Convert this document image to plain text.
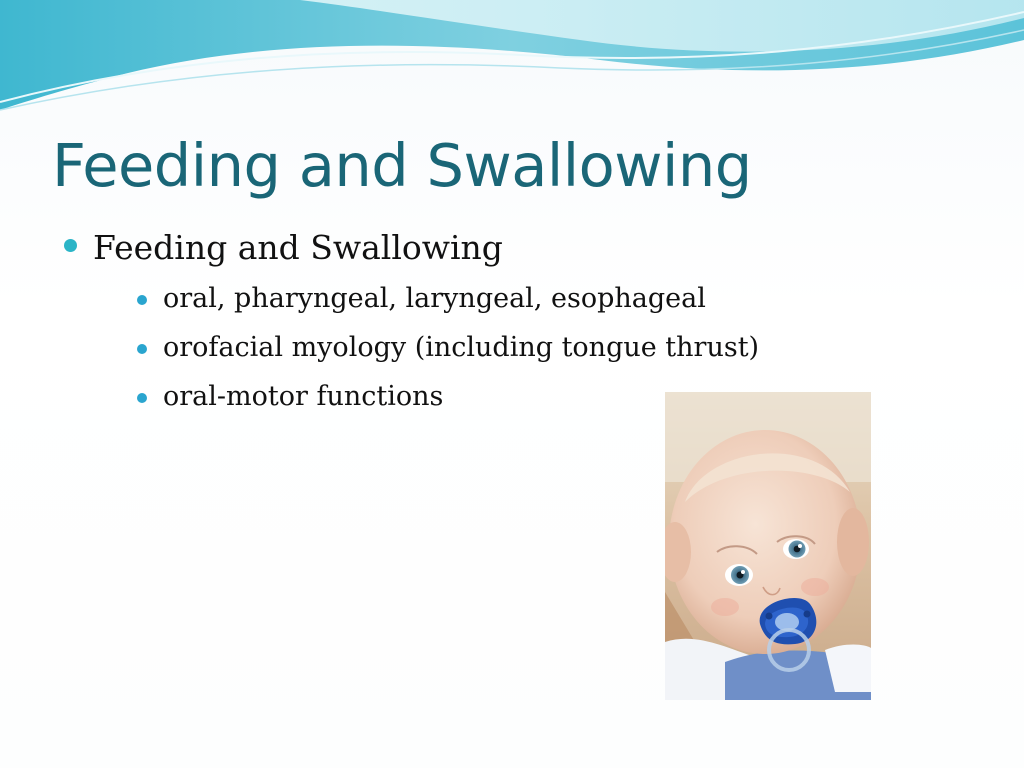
Feeding and Swallowing
Feeding and Swallowing
oral, pharyngeal, laryngeal, esophageal
orofacial myology (including tongue thrust)
oral-motor functions
